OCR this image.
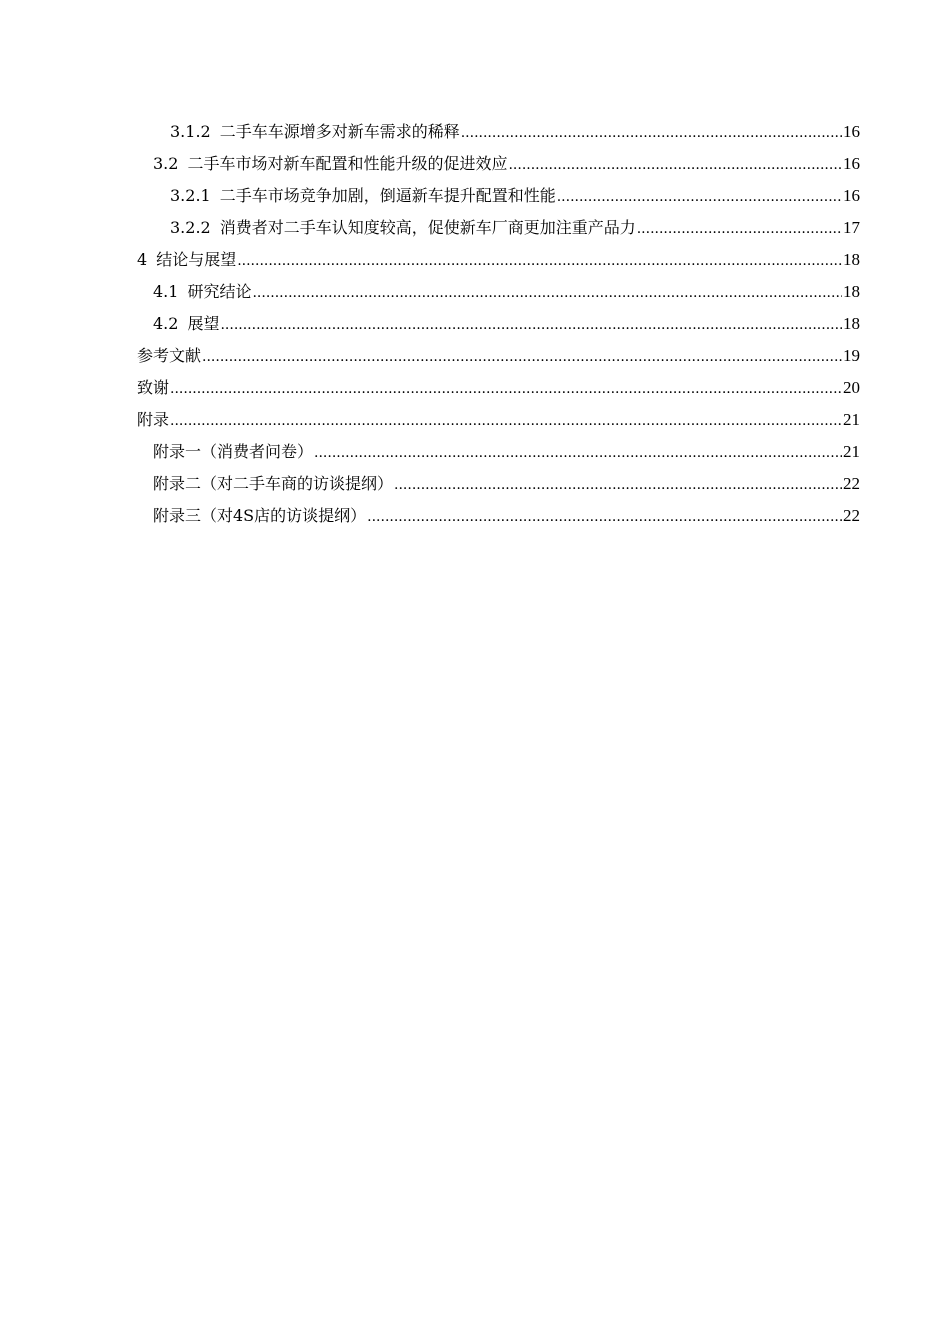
3.1.2 二手车车源增多对新车需求的稀释 .....	16
3.2 二手车市场对新车配置和性能升级的促进效应 .....	16
3.2.1 二手车市场竞争加剧，倒逼新车提升配置和性能 .....	16
3.2.2 消费者对二手车认知度较高，促使新车厂商更加注重产品力 .....	17
4 结论与展望 .....	18
4.1 研究结论 .....	18
4.2 展望 .....	18
参考文献 .....	19
致谢 .....	20
附录 .....	21
附录一（消费者问卷） .....	21
附录二（对二手车商的访谈提纲） .....	22
附录三（对4S店的访谈提纲） .....	22
